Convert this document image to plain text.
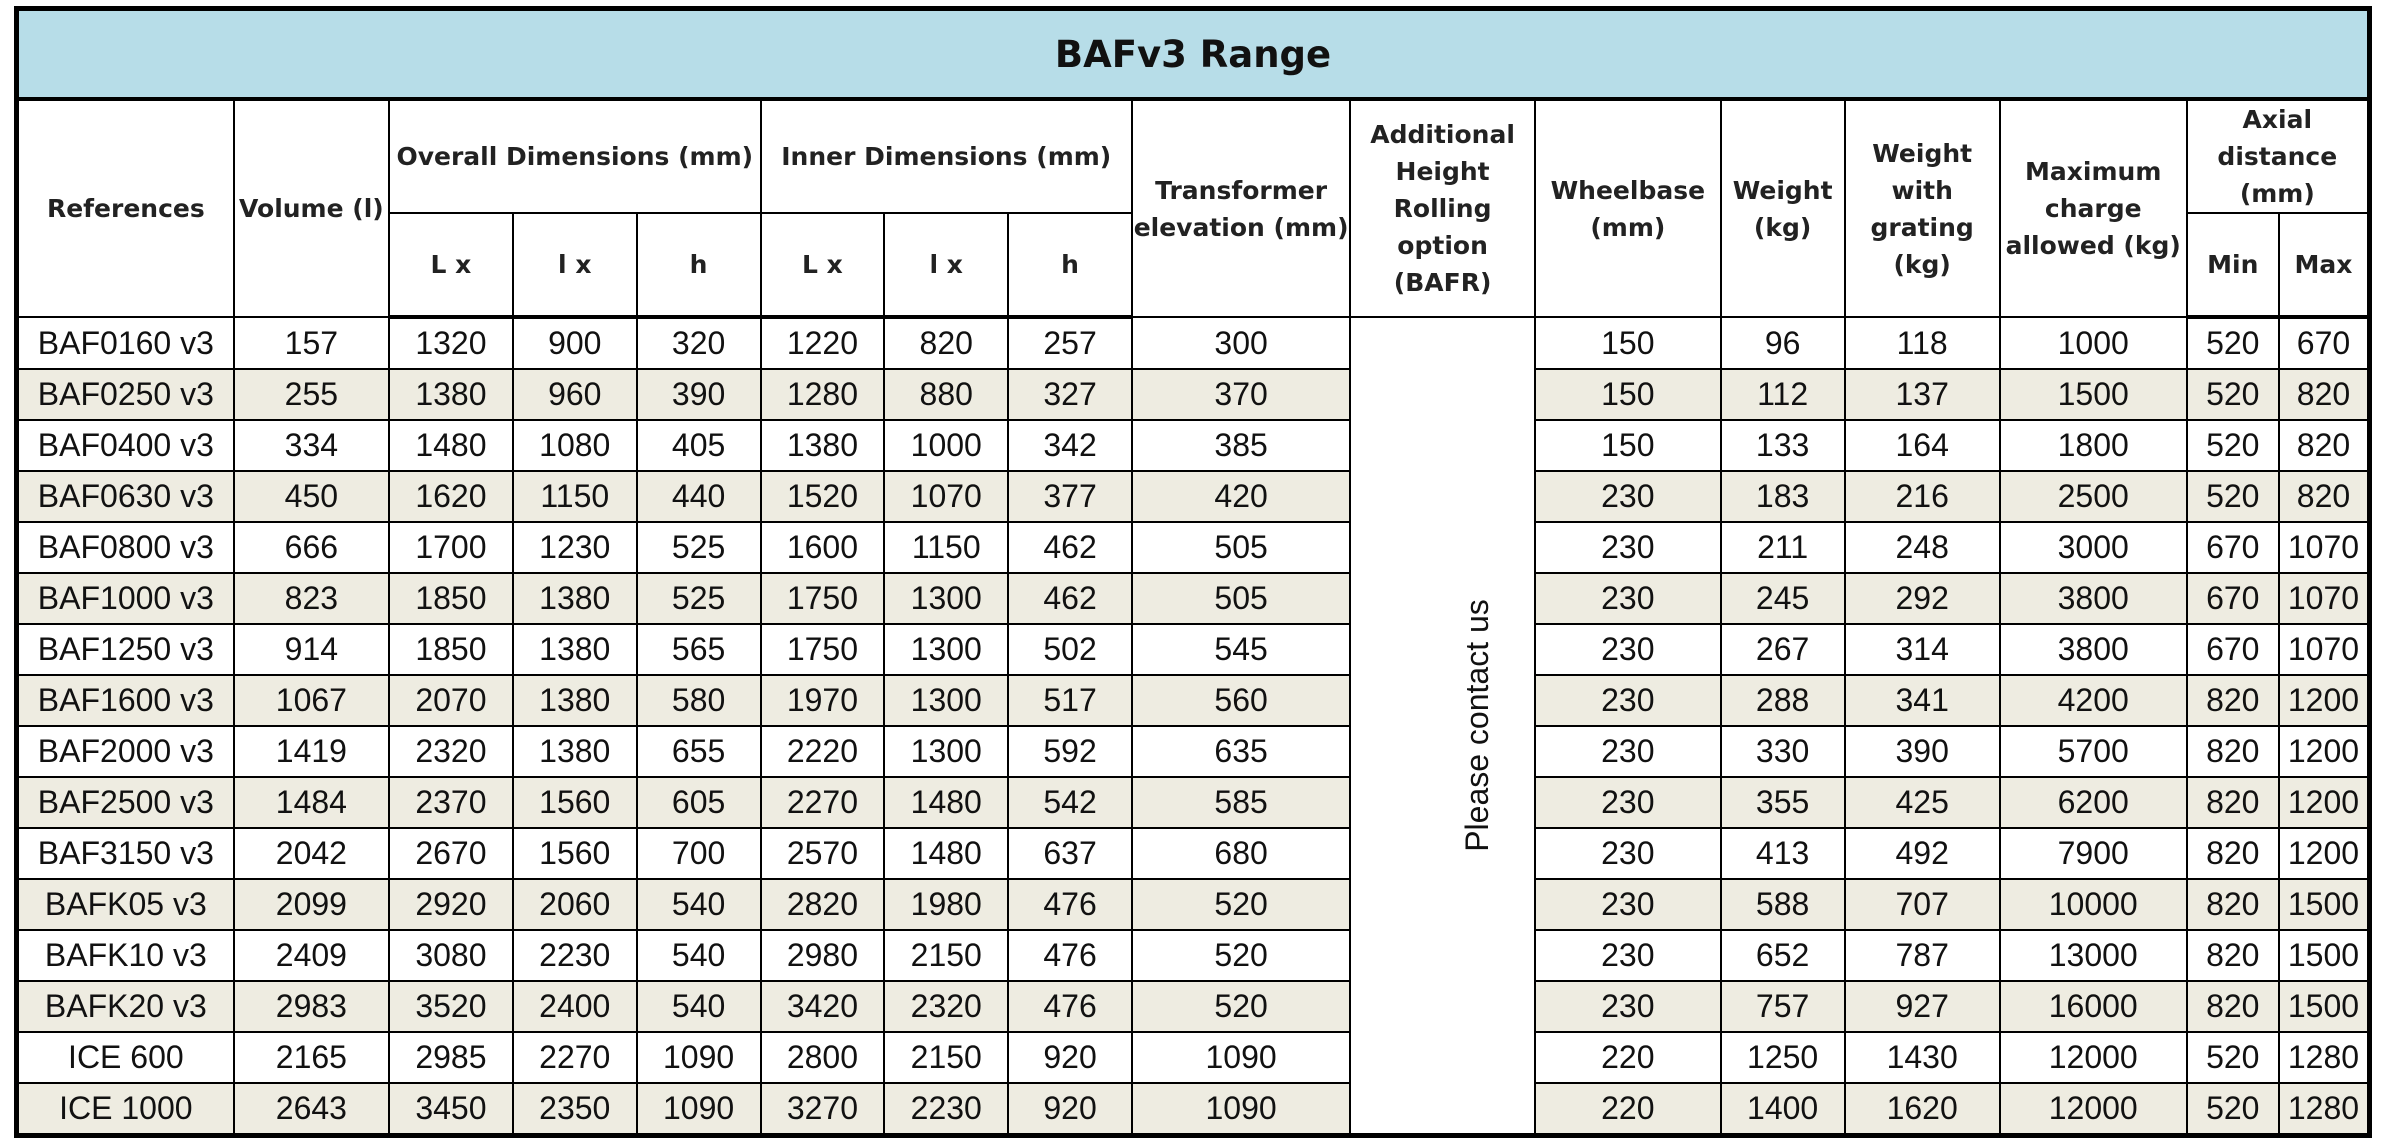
BAFv3 Range															
References	Volume (l)	Overall Dimensions (mm)			Inner Dimensions (mm)			Transformer elevation (mm)	Additional Height Rolling option (BAFR)	Wheelbase (mm)	Weight (kg)	Weight with grating (kg)	Maximum charge allowed (kg)	Axial distance (mm)	
		L x	l x	h	L x	l x	h							Min	Max
BAF0160 v3	157	1320	900	320	1220	820	257	300	Please contact us	150	96	118	1000	520	670
BAF0250 v3	255	1380	960	390	1280	880	327	370		150	112	137	1500	520	820
BAF0400 v3	334	1480	1080	405	1380	1000	342	385		150	133	164	1800	520	820
BAF0630 v3	450	1620	1150	440	1520	1070	377	420		230	183	216	2500	520	820
BAF0800 v3	666	1700	1230	525	1600	1150	462	505		230	211	248	3000	670	1070
BAF1000 v3	823	1850	1380	525	1750	1300	462	505		230	245	292	3800	670	1070
BAF1250 v3	914	1850	1380	565	1750	1300	502	545		230	267	314	3800	670	1070
BAF1600 v3	1067	2070	1380	580	1970	1300	517	560		230	288	341	4200	820	1200
BAF2000 v3	1419	2320	1380	655	2220	1300	592	635		230	330	390	5700	820	1200
BAF2500 v3	1484	2370	1560	605	2270	1480	542	585		230	355	425	6200	820	1200
BAF3150 v3	2042	2670	1560	700	2570	1480	637	680		230	413	492	7900	820	1200
BAFK05 v3	2099	2920	2060	540	2820	1980	476	520		230	588	707	10000	820	1500
BAFK10 v3	2409	3080	2230	540	2980	2150	476	520		230	652	787	13000	820	1500
BAFK20 v3	2983	3520	2400	540	3420	2320	476	520		230	757	927	16000	820	1500
ICE 600	2165	2985	2270	1090	2800	2150	920	1090		220	1250	1430	12000	520	1280
ICE 1000	2643	3450	2350	1090	3270	2230	920	1090		220	1400	1620	12000	520	1280
